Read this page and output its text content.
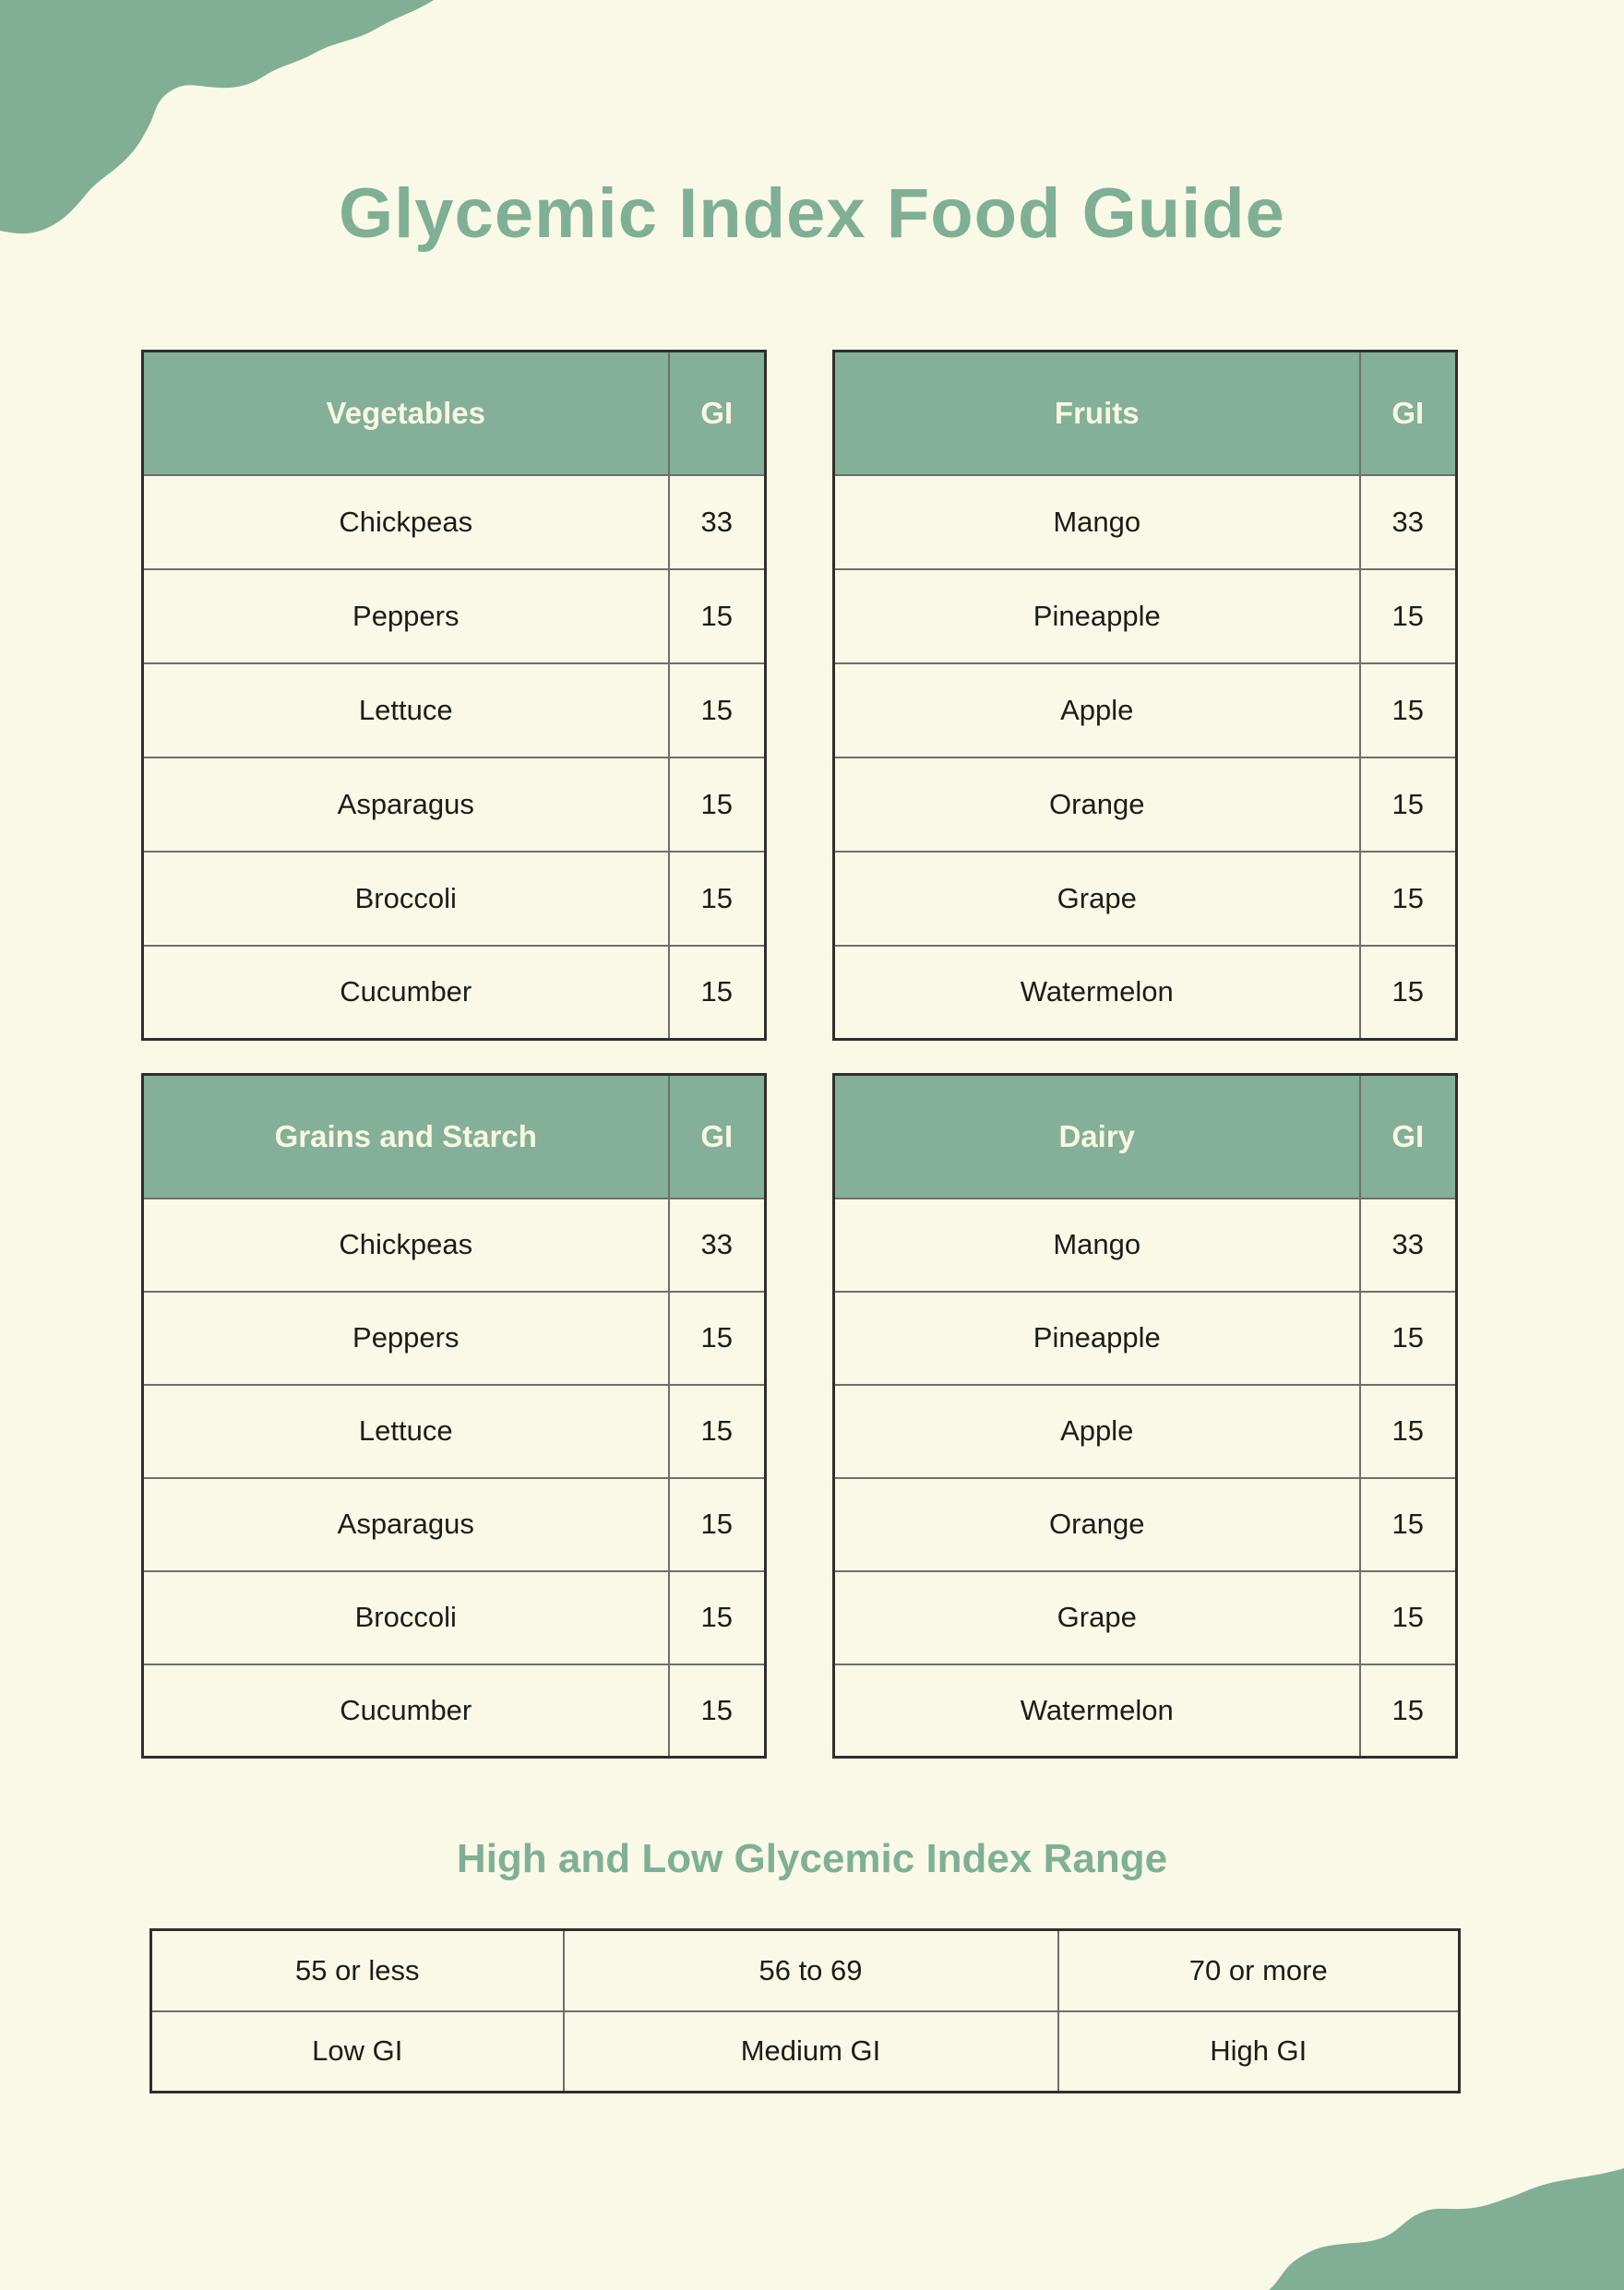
Glycemic Index Food Guide
Vegetables	GI
Chickpeas	33
Peppers	15
Lettuce	15
Asparagus	15
Broccoli	15
Cucumber	15
Fruits	GI
Mango	33
Pineapple	15
Apple	15
Orange	15
Grape	15
Watermelon	15
Grains and Starch	GI
Chickpeas	33
Peppers	15
Lettuce	15
Asparagus	15
Broccoli	15
Cucumber	15
Dairy	GI
Mango	33
Pineapple	15
Apple	15
Orange	15
Grape	15
Watermelon	15
High and Low Glycemic Index Range
55 or less	56 to 69	70 or more
Low GI	Medium GI	High GI
